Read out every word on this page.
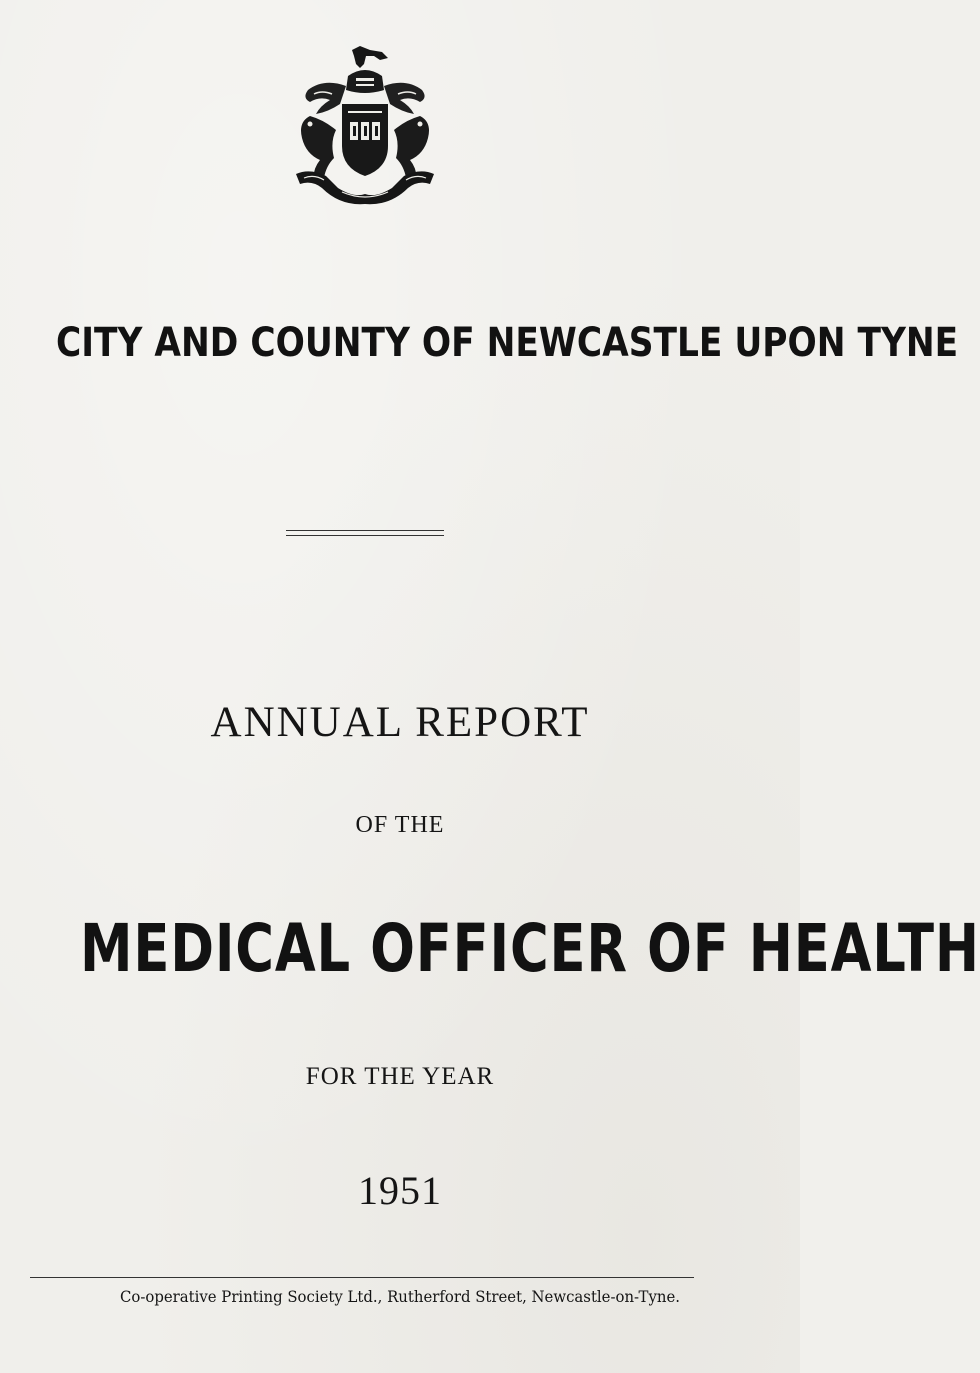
CITY AND COUNTY OF NEWCASTLE UPON TYNE
ANNUAL REPORT
OF THE
MEDICAL OFFICER OF HEALTH
FOR THE YEAR
1951
Co-operative Printing Society Ltd., Rutherford Street, Newcastle-on-Tyne.
